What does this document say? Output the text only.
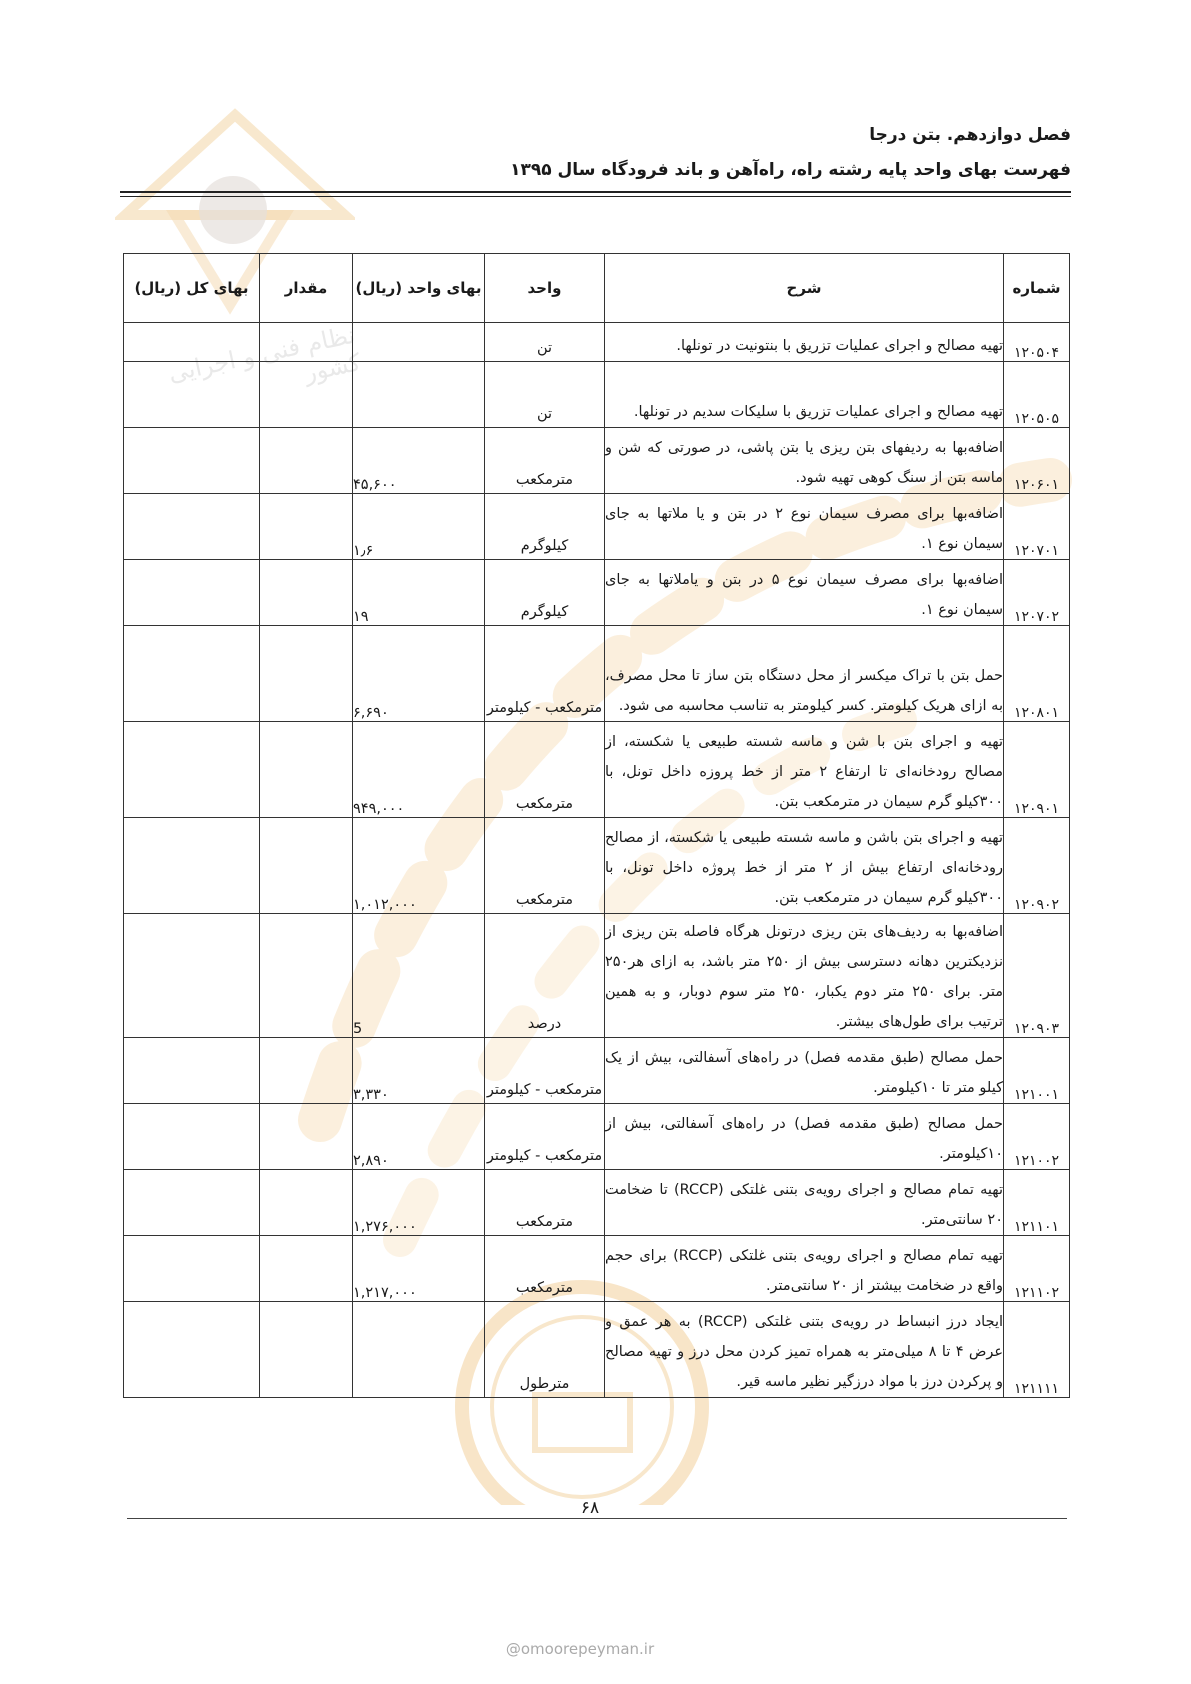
نظام فنی و اجرایی کشور
فصل دوازدهم. بتن درجا
فهرست بهای واحد پایه رشته راه، راه‌آهن و باند فرودگاه سال ۱۳۹۵
شماره	شرح	واحد	بهای واحد (ریال)	مقدار	بهای کل (ریال)
۱۲۰۵۰۴	تهیه مصالح و اجرای عملیات تزریق با بنتونیت در تونلها.	تن			
۱۲۰۵۰۵	تهیه مصالح و اجرای عملیات تزریق با سلیکات سدیم در تونلها.	تن			
۱۲۰۶۰۱	اضافه‌بها به ردیفهای بتن ریزی یا بتن پاشی، در صورتی که شن و ماسه بتن از سنگ کوهی تهیه شود.	مترمکعب	۴۵,۶۰۰		
۱۲۰۷۰۱	اضافه‌بها برای مصرف سیمان نوع ۲ در بتن و یا ملاتها به جای سیمان نوع ۱.	کیلوگرم	۱٫۶		
۱۲۰۷۰۲	اضافه‌بها برای مصرف سیمان نوع ۵ در بتن و یاملاتها به جای سیمان نوع ۱.	کیلوگرم	۱۹		
۱۲۰۸۰۱	حمل بتن با تراک میکسر از محل دستگاه بتن ساز تا محل مصرف، به ازای هریک کیلومتر. کسر کیلومتر به تناسب محاسبه می شود.	مترمکعب - کیلومتر	۶,۶۹۰		
۱۲۰۹۰۱	تهیه و اجرای بتن با شن و ماسه شسته طبیعی یا شکسته، از مصالح رودخانه‌ای تا ارتفاع ۲ متر از خط پروزه داخل تونل، با ۳۰۰کیلو گرم سیمان در مترمکعب بتن.	مترمکعب	۹۴۹,۰۰۰		
۱۲۰۹۰۲	تهیه و اجرای بتن باشن و ماسه شسته طبیعی یا شکسته، از مصالح رودخانه‌ای ارتفاع بیش از ۲ متر از خط پروژه داخل تونل، با ۳۰۰کیلو گرم سیمان در مترمکعب بتن.	مترمکعب	۱,۰۱۲,۰۰۰		
۱۲۰۹۰۳	اضافه‌بها به ردیف‌های بتن ریزی درتونل هرگاه فاصله بتن ریزی از نزدیکترین دهانه دسترسی بیش از ۲۵۰ متر باشد، به ازای هر۲۵۰ متر. برای ۲۵۰ متر دوم یکبار، ۲۵۰ متر سوم دوبار، و به همین ترتیب برای طول‌های بیشتر.	درصد	5		
۱۲۱۰۰۱	حمل مصالح (طبق مقدمه فصل) در راه‌های آسفالتی، بیش از یک کیلو متر تا ۱۰کیلومتر.	مترمکعب - کیلومتر	۳,۳۳۰		
۱۲۱۰۰۲	حمل مصالح (طبق مقدمه فصل) در راه‌های آسفالتی، بیش از ۱۰کیلومتر.	مترمکعب - کیلومتر	۲,۸۹۰		
۱۲۱۱۰۱	تهیه تمام مصالح و اجرای رویه‌ی بتنی غلتکی (RCCP) تا ضخامت ۲۰ سانتی‌متر.	مترمکعب	۱,۲۷۶,۰۰۰		
۱۲۱۱۰۲	تهیه تمام مصالح و اجرای رویه‌ی بتنی غلتکی (RCCP) برای حجم واقع در ضخامت بیشتر از ۲۰ سانتی‌متر.	مترمکعب	۱,۲۱۷,۰۰۰		
۱۲۱۱۱۱	ایجاد درز انبساط در رویه‌ی بتنی غلتکی (RCCP) به هر عمق و عرض ۴ تا ۸ میلی‌متر به همراه تمیز کردن محل درز و تهیه مصالح و پرکردن درز با مواد درزگیر نظیر ماسه قیر.	مترطول			
۶۸
@omoorepeyman.ir
